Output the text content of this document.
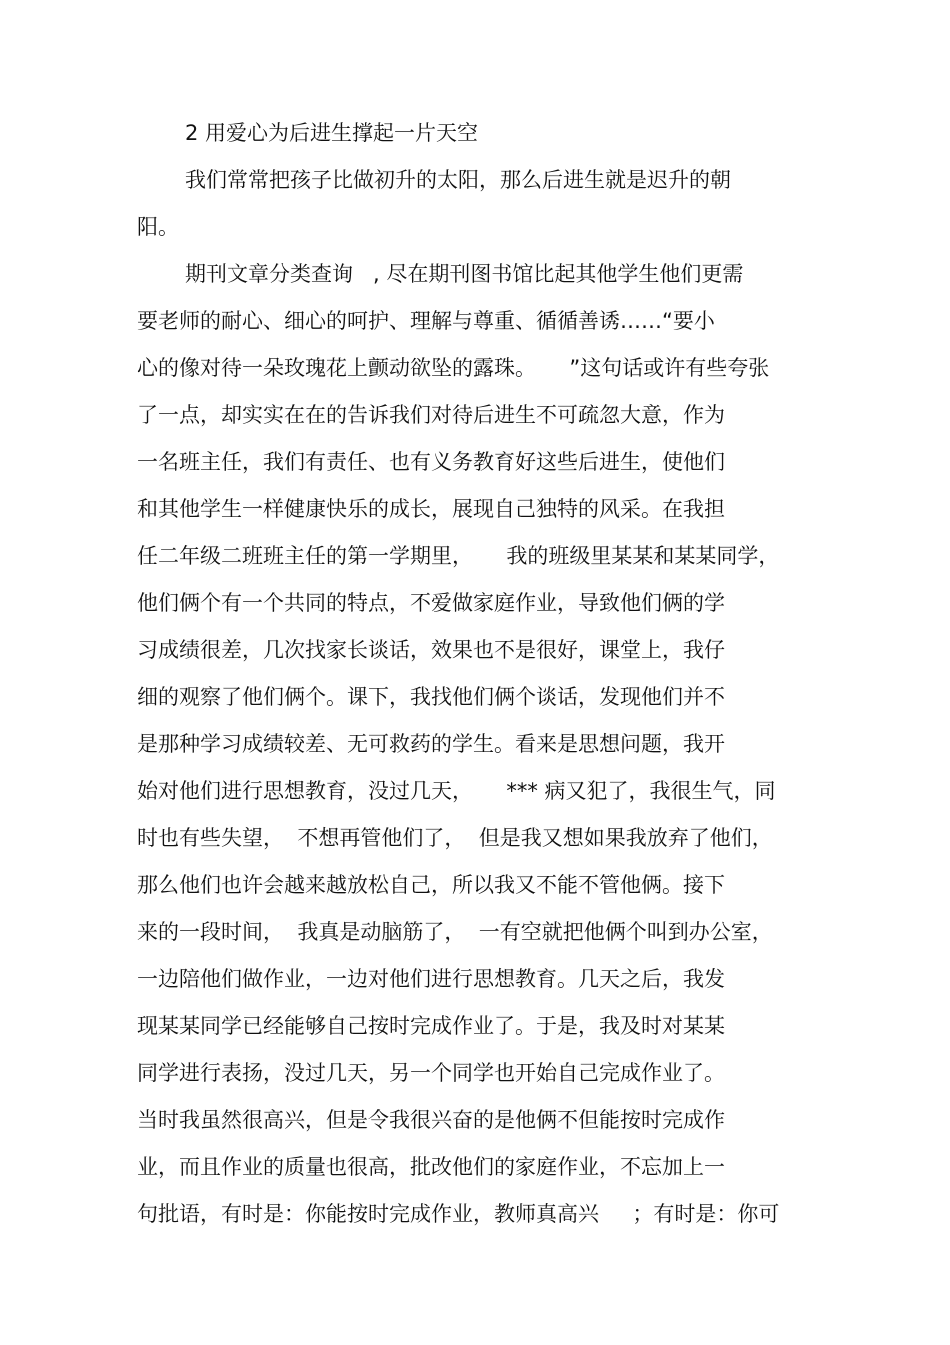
2 用爱心为后进生撑起一片天空
我们常常把孩子比做初升的太阳，那么后进生就是迟升的朝
阳。
期刊文章分类查询   , 尽在期刊图书馆比起其他学生他们更需
要老师的耐心、细心的呵护、理解与尊重、循循善诱……“要小
心的像对待一朵玫瑰花上颤动欲坠的露珠。     ”这句话或许有些夸张
了一点，却实实在在的告诉我们对待后进生不可疏忽大意，作为
一名班主任，我们有责任、也有义务教育好这些后进生，使他们
和其他学生一样健康快乐的成长，展现自己独特的风采。在我担
任二年级二班班主任的第一学期里，     我的班级里某某和某某同学，
他们俩个有一个共同的特点，不爱做家庭作业，导致他们俩的学
习成绩很差，几次找家长谈话，效果也不是很好，课堂上，我仔
细的观察了他们俩个。课下，我找他们俩个谈话，发现他们并不
是那种学习成绩较差、无可救药的学生。看来是思想问题，我开
始对他们进行思想教育，没过几天，     *** 病又犯了，我很生气，同
时也有些失望，  不想再管他们了，  但是我又想如果我放弃了他们，
那么他们也许会越来越放松自己，所以我又不能不管他俩。接下
来的一段时间，  我真是动脑筋了，  一有空就把他俩个叫到办公室，
一边陪他们做作业，一边对他们进行思想教育。几天之后，我发
现某某同学已经能够自己按时完成作业了。于是，我及时对某某
同学进行表扬，没过几天，另一个同学也开始自己完成作业了。
当时我虽然很高兴，但是令我很兴奋的是他俩不但能按时完成作
业，而且作业的质量也很高，批改他们的家庭作业，不忘加上一
句批语，有时是：你能按时完成作业，教师真高兴     ；有时是：你可
